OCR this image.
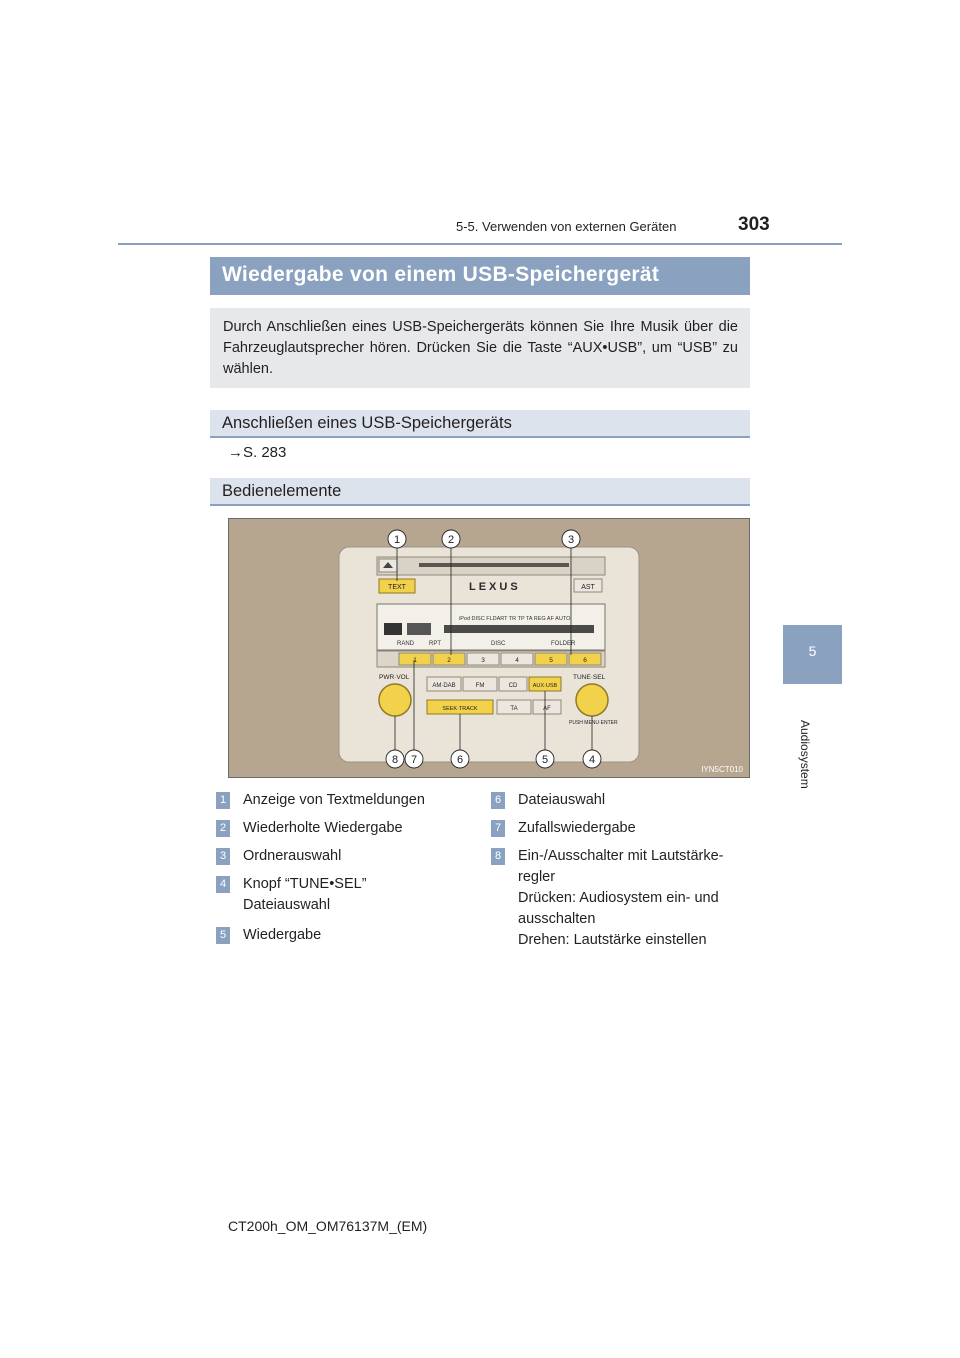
5-5. Verwenden von externen Geräten	303
5
Audiosystem
Wiedergabe von einem USB-Speichergerät
Durch Anschließen eines USB-Speichergeräts können Sie Ihre Musik über die Fahrzeuglautsprecher hören. Drücken Sie die Taste “AUX•USB”, um “USB” zu wählen.
Anschließen eines USB-Speichergeräts
→S. 283
Bedienelemente
TEXT	LEXUS	AST
iPod DISC FLDART TR TP TA REG AF AUTO
RAND RPT	DISC	FOLDER
1	2	3	4	5	6
PWR·VOL	TUNE·SEL
PUSH MENU·ENTER
AM·DAB	FM	CD	AUX·USB
SEEK·TRACK	TA	AF
1	2	3
8 7	6	5	4
IYN5CT010
1 Anzeige von Textmeldungen
2 Wiederholte Wiedergabe
3 Ordnerauswahl
4 Knopf “TUNE•SEL”
Dateiauswahl
5 Wiedergabe
6 Dateiauswahl
7 Zufallswiedergabe
8 Ein-/Ausschalter mit Lautstärke-
regler
Drücken: Audiosystem ein- und
ausschalten
Drehen: Lautstärke einstellen
CT200h_OM_OM76137M_(EM)
